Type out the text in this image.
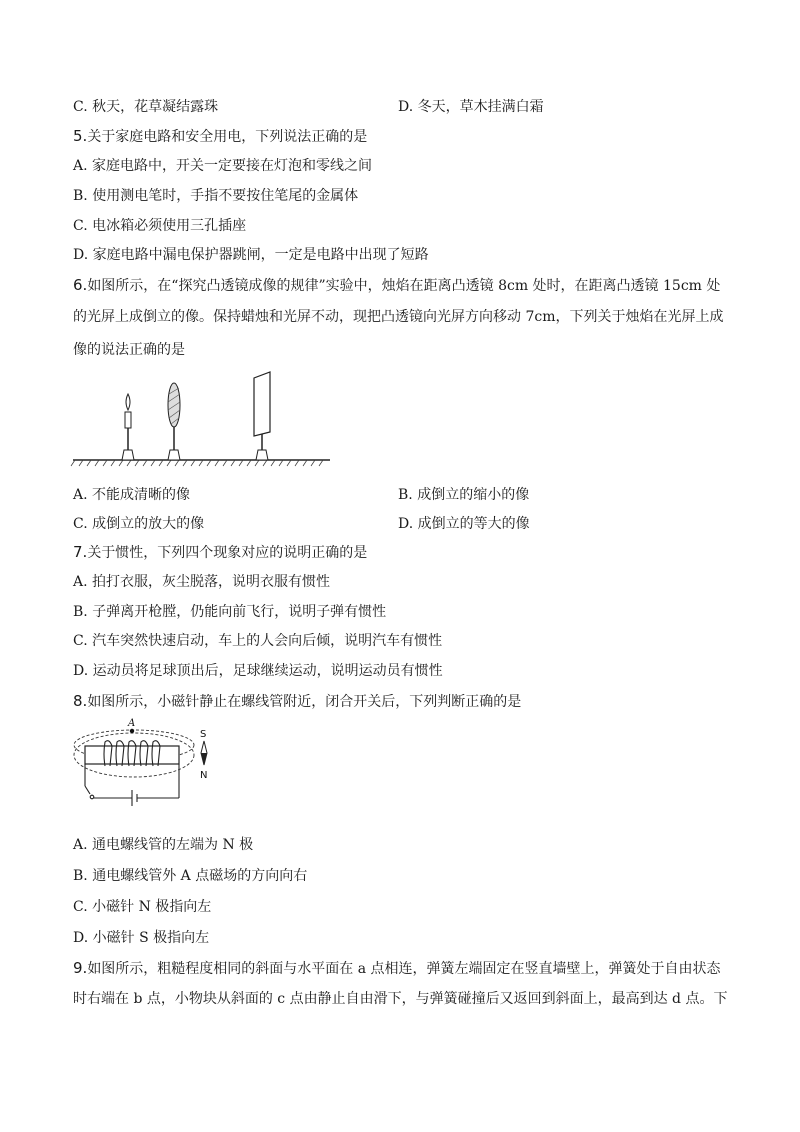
C. 秋天，花草凝结露珠	D. 冬天，草木挂满白霜
5.关于家庭电路和安全用电，下列说法正确的是
A. 家庭电路中，开关一定要接在灯泡和零线之间
B. 使用测电笔时，手指不要按住笔尾的金属体
C. 电冰箱必须使用三孔插座
D. 家庭电路中漏电保护器跳闸，一定是电路中出现了短路
6.如图所示，在“探究凸透镜成像的规律”实验中，烛焰在距离凸透镜 8cm 处时，在距离凸透镜 15cm 处
的光屏上成倒立的像。保持蜡烛和光屏不动，现把凸透镜向光屏方向移动 7cm，下列关于烛焰在光屏上成
像的说法正确的是
A. 不能成清晰的像	B. 成倒立的缩小的像
C. 成倒立的放大的像	D. 成倒立的等大的像
7.关于惯性，下列四个现象对应的说明正确的是
A. 拍打衣服，灰尘脱落，说明衣服有惯性
B. 子弹离开枪膛，仍能向前飞行，说明子弹有惯性
C. 汽车突然快速启动，车上的人会向后倾，说明汽车有惯性
D. 运动员将足球顶出后，足球继续运动，说明运动员有惯性
8.如图所示，小磁针静止在螺线管附近，闭合开关后，下列判断正确的是
A
S
N
A. 通电螺线管的左端为 N 极
B. 通电螺线管外 A 点磁场的方向向右
C. 小磁针 N 极指向左
D. 小磁针 S 极指向左
9.如图所示，粗糙程度相同的斜面与水平面在 a 点相连，弹簧左端固定在竖直墙壁上，弹簧处于自由状态
时右端在 b 点，小物块从斜面的 c 点由静止自由滑下，与弹簧碰撞后又返回到斜面上，最高到达 d 点。下
